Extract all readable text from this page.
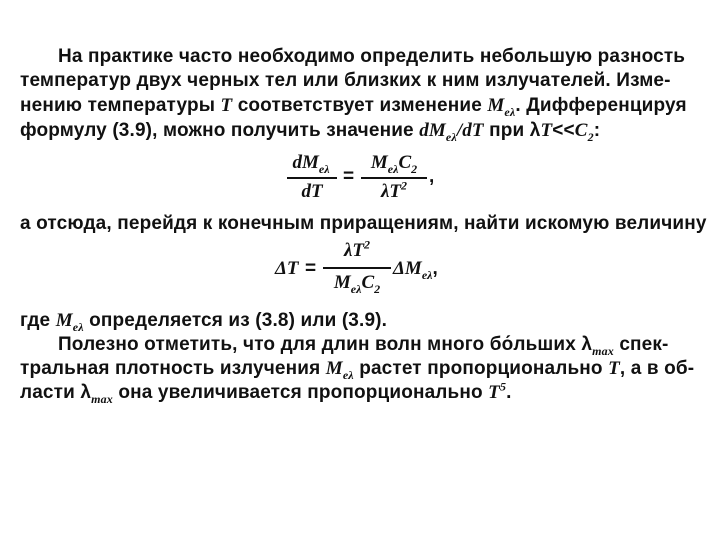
На практике часто необходимо определить небольшую разность
температур двух черных тел или близких к ним излучателей. Изме-
нению температуры T соответствует изменение $M_{e\lambda}$. Дифференцируя
формулу (3.9), можно получить значение $dM_{e\lambda}/dT$ при $\lambda T<<C_2$:
$dM_{e\lambda}$
dT
=
$M_{e\lambda}C_2$
$\lambda T^2$	,
а отсюда, перейдя к конечным приращениям, найти искомую величину
ΔT =
$\lambda T^2$
$M_{e\lambda}C_2$
$\Delta M_{e\lambda}$,
где $M_{e\lambda}$ определяется из (3.8) или (3.9).
Полезно отметить, что для длин волн много бо́льших $\lambda_{max}$ спек-
тральная плотность излучения $M_{e\lambda}$ растет пропорционально T, а в об-
ласти $\lambda_{max}$ она увеличивается пропорционально $T^5$.
